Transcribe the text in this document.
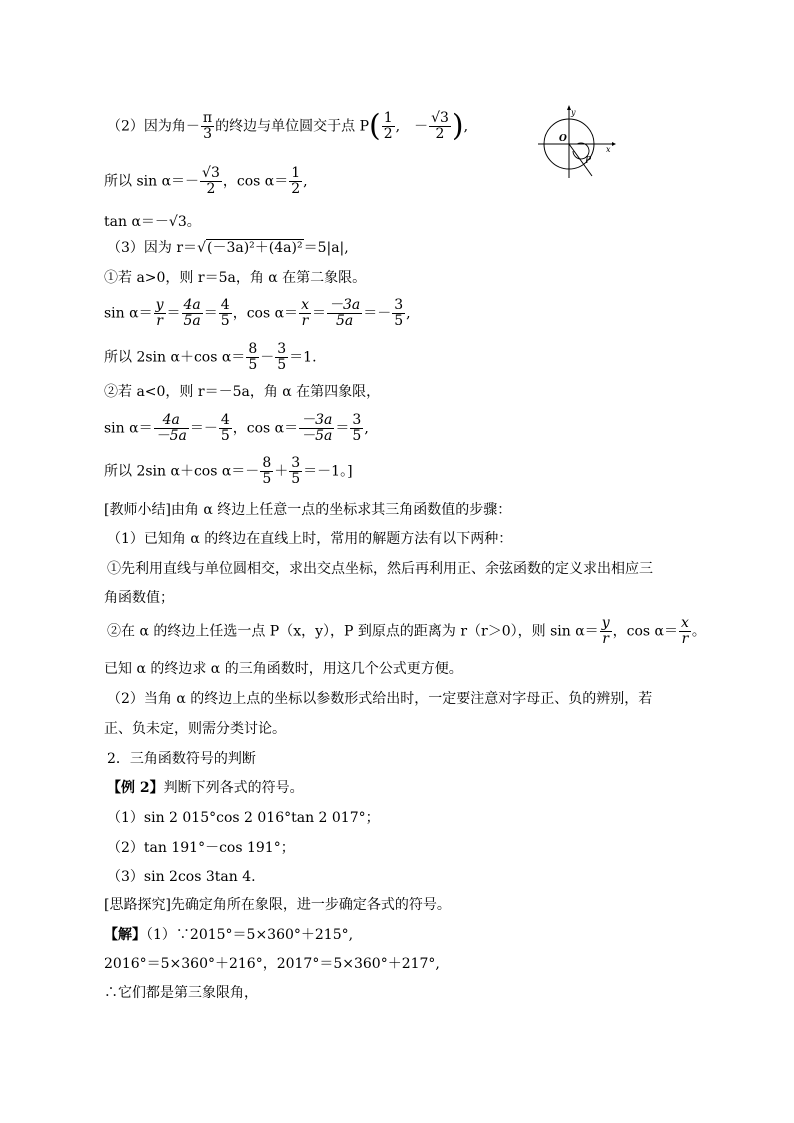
（2）因为角－ $\frac{\pi}{3}$ 的终边与单位圆交于点 $P( \frac{1}{2}$ ,　－ $\frac{√3}{2}$ ),
y
O
x
P
所以 $\sin \alpha=- \frac{√3}{2}$ ，$\cos \alpha= \frac{1}{2}$ ,
tan α＝－√3。
（3）因为 r＝√(－3a)²＋(4a)²＝5|a|,
①若 a>0，则 r＝5a，角 α 在第二象限。
$\sin \alpha= \frac{y}{r} = \frac{4a}{5a} = \frac{4}{5}$ ，$\cos \alpha= \frac{x}{r} = \frac{-3a}{5a} =- \frac{3}{5}$ ,
所以 2sin α＋cos $\alpha= \frac{8}{5} - \frac{3}{5} =1$.
②若 a<0，则 r＝－5a，角 α 在第四象限，
$\sin \alpha= \frac{4a}{-5a} =- \frac{4}{5}$ ，$\cos \alpha= \frac{-3a}{-5a} = \frac{3}{5}$ ,
所以 2sin α＋cos $\alpha=- \frac{8}{5} + \frac{3}{5} =-1$。]
[教师小结]由角 α 终边上任意一点的坐标求其三角函数值的步骤：
（1）已知角 α 的终边在直线上时，常用的解题方法有以下两种：
①先利用直线与单位圆相交，求出交点坐标，然后再利用正、余弦函数的定义求出相应三
角函数值；
②在 α 的终边上任选一点 P（x，y），P 到原点的距离为 r（r＞0），则 $\sin \alpha= \frac{y}{r}$ ，$\cos \alpha= \frac{x}{r}$ 。
已知 α 的终边求 α 的三角函数时，用这几个公式更方便。
（2）当角 α 的终边上点的坐标以参数形式给出时，一定要注意对字母正、负的辨别，若
正、负未定，则需分类讨论。
2．三角函数符号的判断
【例 2】判断下列各式的符号。
（1）sin 2 015°cos 2 016°tan 2 017°；
（2）tan 191°－cos 191°；
（3）sin 2cos 3tan 4.
[思路探究]先确定角所在象限，进一步确定各式的符号。
【解】（1）∵2015°＝5×360°＋215°,
2016°＝5×360°＋216°，2017°＝5×360°＋217°,
∴它们都是第三象限角，
